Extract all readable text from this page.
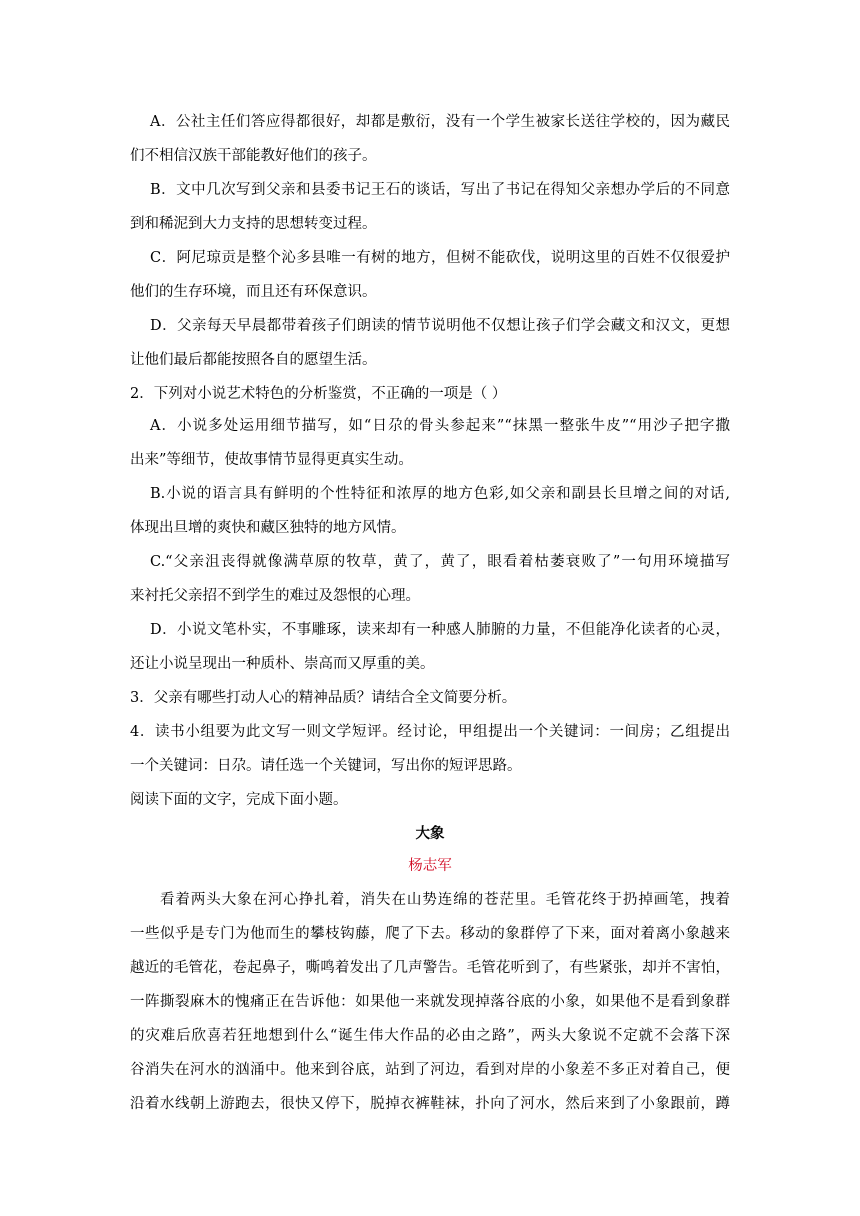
A．公社主任们答应得都很好，却都是敷衍，没有一个学生被家长送往学校的，因为藏民
们不相信汉族干部能教好他们的孩子。
B．文中几次写到父亲和县委书记王石的谈话，写出了书记在得知父亲想办学后的不同意
到和稀泥到大力支持的思想转变过程。
C．阿尼琼贡是整个沁多县唯一有树的地方，但树不能砍伐，说明这里的百姓不仅很爱护
他们的生存环境，而且还有环保意识。
D．父亲每天早晨都带着孩子们朗读的情节说明他不仅想让孩子们学会藏文和汉文，更想
让他们最后都能按照各自的愿望生活。
2．下列对小说艺术特色的分析鉴赏，不正确的一项是（ ）
A．小说多处运用细节描写，如“日尕的骨头参起来”“抹黑一整张牛皮”“用沙子把字撒
出来”等细节，使故事情节显得更真实生动。
B.小说的语言具有鲜明的个性特征和浓厚的地方色彩,如父亲和副县长旦增之间的对话,
体现出旦增的爽快和藏区独特的地方风情。
C.“父亲沮丧得就像满草原的牧草，黄了，黄了，眼看着枯萎衰败了”一句用环境描写
来衬托父亲招不到学生的难过及怨恨的心理。
D．小说文笔朴实，不事雕琢，读来却有一种感人肺腑的力量，不但能净化读者的心灵，
还让小说呈现出一种质朴、崇高而又厚重的美。
3．父亲有哪些打动人心的精神品质？请结合全文简要分析。
4．读书小组要为此文写一则文学短评。经讨论，甲组提出一个关键词：一间房；乙组提出
一个关键词：日尕。请任选一个关键词，写出你的短评思路。
阅读下面的文字，完成下面小题。
大象
杨志军
看着两头大象在河心挣扎着，消失在山势连绵的苍茫里。毛管花终于扔掉画笔，拽着
一些似乎是专门为他而生的攀枝钩藤，爬了下去。移动的象群停了下来，面对着离小象越来
越近的毛管花，卷起鼻子，嘶鸣着发出了几声警告。毛管花听到了，有些紧张，却并不害怕，
一阵撕裂麻木的愧痛正在告诉他：如果他一来就发现掉落谷底的小象，如果他不是看到象群
的灾难后欣喜若狂地想到什么“诞生伟大作品的必由之路”，两头大象说不定就不会落下深
谷消失在河水的汹涌中。他来到谷底，站到了河边，看到对岸的小象差不多正对着自己，便
沿着水线朝上游跑去，很快又停下，脱掉衣裤鞋袜，扑向了河水，然后来到了小象跟前，蹲
